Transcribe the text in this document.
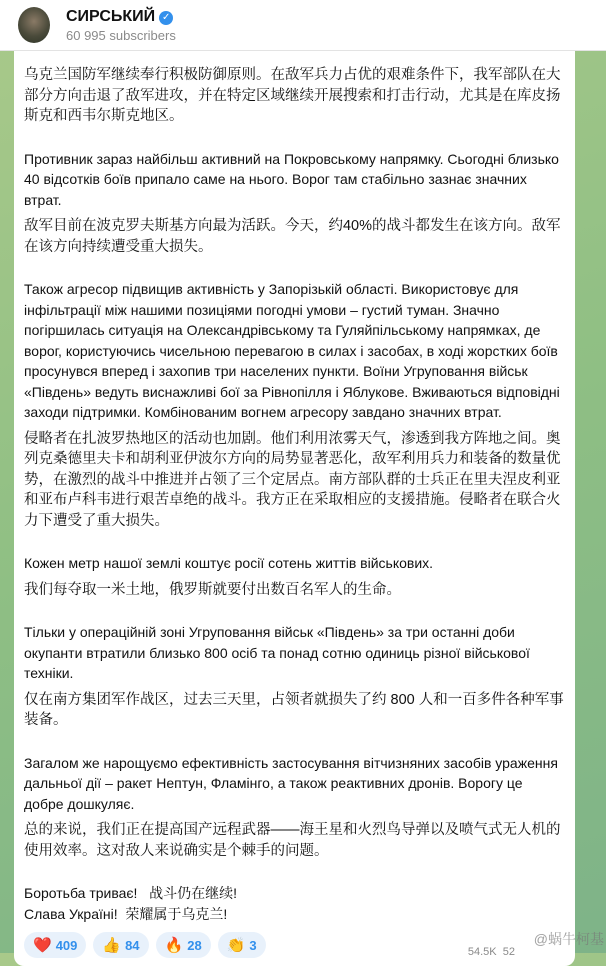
СИРСЬКИЙ ✓
60 995 subscribers

乌克兰国防军继续奉行积极防御原则。在敌军兵力占优的艰难条件下，我军部队在大部分方向击退了敌军进攻，并在特定区域继续开展搜索和打击行动，尤其是在库皮扬斯克和西韦尔斯克地区。

Противник зараз найбільш активний на Покровському напрямку. Сьогодні близько 40 відсотків боїв припало саме на нього. Ворог там стабільно зазнає значних втрат.

敌军目前在波克罗夫斯基方向最为活跃。今天，约40%的战斗都发生在该方向。敌军在该方向持续遭受重大损失。

Також агресор підвищив активність у Запорізькій області. Використовує для інфільтрації між нашими позиціями погодні умови – густий туман. Значно погіршилась ситуація на Олександрівському та Гуляйпільському напрямках, де ворог, користуючись чисельною перевагою в силах і засобах, в ході жорстких боїв просунувся вперед і захопив три населених пункти. Воїни Угруповання військ «Південь» ведуть виснажливі бої за Рівнопілля і Яблукове. Вживаються відповідні заходи підтримки. Комбінованим вогнем агресору завдано значних втрат.

侵略者在扎波罗热地区的活动也加剧。他们利用浓雾天气，渗透到我方阵地之间。奥列克桑德里夫卡和胡利亚伊波尔方向的局势显著恶化，敌军利用兵力和装备的数量优势，在激烈的战斗中推进并占领了三个定居点。南方部队群的士兵正在里夫涅皮利亚和亚布卢科韦进行艰苦卓绝的战斗。我方正在采取相应的支援措施。侵略者在联合火力下遭受了重大损失。

Кожен метр нашої землі коштує росії сотень життів військових.

我们每夺取一米土地，俄罗斯就要付出数百名军人的生命。

Тільки у операційній зоні Угруповання військ «Південь» за три останні доби окупанти втратили близько 800 осіб та понад сотню одиниць різної військової техніки.

仅在南方集团军作战区，过去三天里，占领者就损失了约 800 人和一百多件各种军事装备。

Загалом же нарощуємо ефективність застосування вітчизняних засобів ураження дальньої дії – ракет Нептун, Фламінго, а також реактивних дронів. Ворогу це добре дошкуляє.

总的来说，我们正在提高国产远程武器——海王星和火烈鸟导弹以及喷气式无人机的使用效率。这对敌人来说确实是个棘手的问题。

Боротьба триває!   战斗仍在继续!

Слава Україні!  荣耀属于乌克兰!

❤️ 409 👍 84 🔥 28 👏 3	54.5K 52
@蜗牛柯基
